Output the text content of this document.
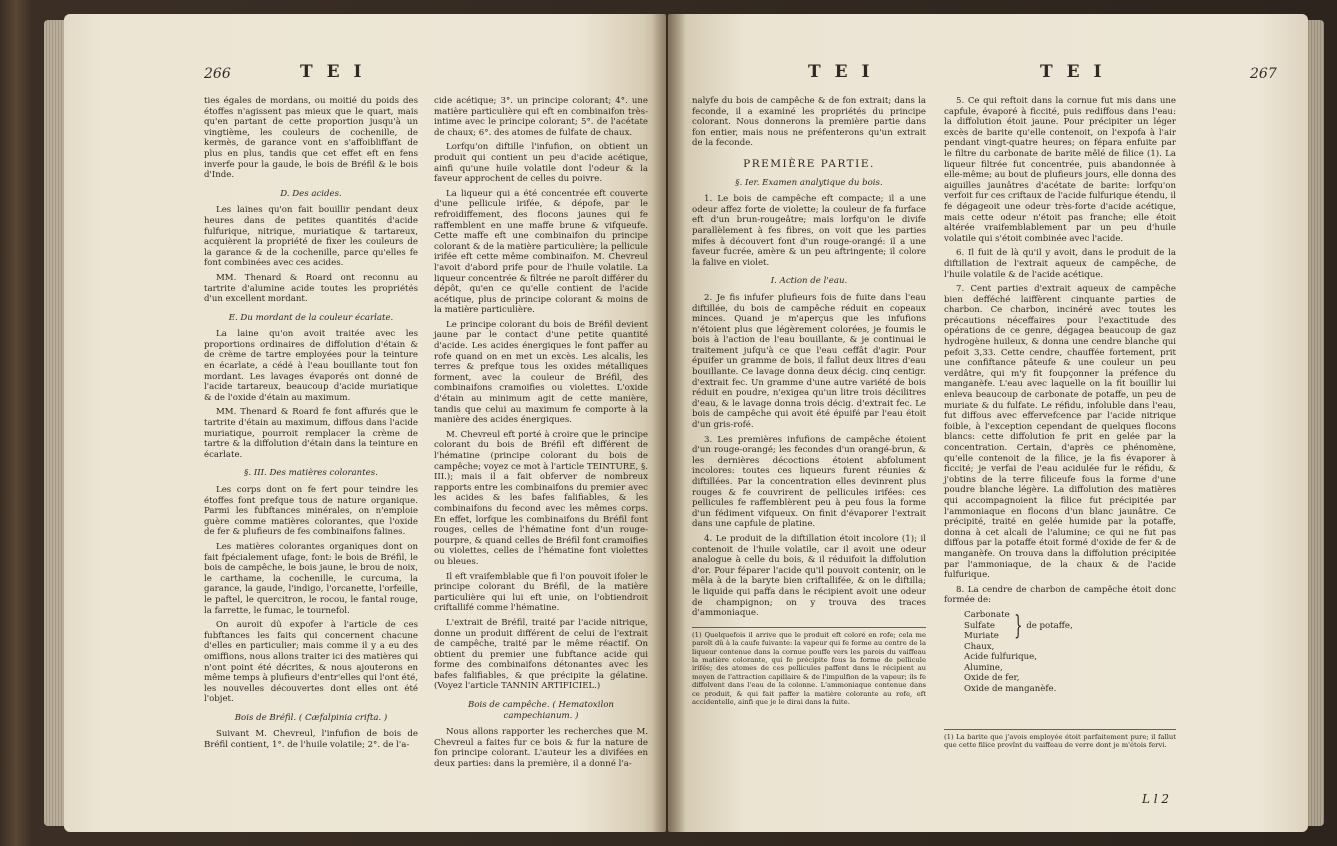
266	T E I

ties égales de mordans, ou moitié du poids des étoffes n'agissent pas mieux que le quart, mais qu'en partant de cette proportion jusqu'à un vingtième, les couleurs de cochenille, de kermès, de garance vont en s'affoibliffant de plus en plus, tandis que cet effet eft en fens inverfe pour la gaude, le bois de Bréfil & le bois d'Inde.

D. Des acides.

Les laines qu'on fait bouillir pendant deux heures dans de petites quantités d'acide fulfurique, nitrique, muriatique & tartareux, acquièrent la propriété de fixer les couleurs de la garance & de la cochenille, parce qu'elles fe font combinées avec ces acides.

MM. Thenard & Roard ont reconnu au tartrite d'alumine acide toutes les propriétés d'un excellent mordant.

E. Du mordant de la couleur écarlate.

La laine qu'on avoit traitée avec les proportions ordinaires de diffolution d'étain & de crème de tartre employées pour la teinture en écarlate, a cédé à l'eau bouillante tout fon mordant. Les lavages évaporés ont donné de l'acide tartareux, beaucoup d'acide muriatique & de l'oxide d'étain au maximum.

MM. Thenard & Roard fe font affurés que le tartrite d'étain au maximum, diffous dans l'acide muriatique, pourroit remplacer la crème de tartre & la diffolution d'étain dans la teinture en écarlate.

§. III. Des matières colorantes.

Les corps dont on fe fert pour teindre les étoffes font prefque tous de nature organique. Parmi les fubftances minérales, on n'emploie guère comme matières colorantes, que l'oxide de fer & plufieurs de fes combinaifons falines.

Les matières colorantes organiques dont on fait fpécialement ufage, font: le bois de Bréfil, le bois de campêche, le bois jaune, le brou de noix, le carthame, la cochenille, le curcuma, la garance, la gaude, l'indigo, l'orcanette, l'orfeille, le paftel, le quercitron, le rocou, le fantal rouge, la farrette, le fumac, le tournefol.

On auroit dû expofer à l'article de ces fubftances les faits qui concernent chacune d'elles en particulier; mais comme il y a eu des omiffions, nous allons traiter ici des matières qui n'ont point été décrites, & nous ajouterons en même temps à plufieurs d'entr'elles qui l'ont été, les nouvelles découvertes dont elles ont été l'objet.

Bois de Bréfil. ( Cæfalpinia crifta. )

Suivant M. Chevreul, l'infufion de bois de Bréfil contient, 1°. de l'huile volatile; 2°. de l'a-

cide acétique; 3°. un principe colorant; 4°. une matière particulière qui eft en combinaifon très-intime avec le principe colorant; 5°. de l'acétate de chaux; 6°. des atomes de fulfate de chaux.

Lorfqu'on diftille l'infufion, on obtient un produit qui contient un peu d'acide acétique, ainfi qu'une huile volatile dont l'odeur & la faveur approchent de celles du poivre.

La liqueur qui a été concentrée eft couverte d'une pellicule irifée, & dépofe, par le refroidiffement, des flocons jaunes qui fe raffemblent en une maffe brune & vifqueufe. Cette maffe eft une combinaifon du principe colorant & de la matière particulière; la pellicule irifée eft cette même combinaifon. M. Chevreul l'avoit d'abord prife pour de l'huile volatile. La liqueur concentrée & filtrée ne paroît différer du dépôt, qu'en ce qu'elle contient de l'acide acétique, plus de principe colorant & moins de la matière particulière.

Le principe colorant du bois de Bréfil devient jaune par le contact d'une petite quantité d'acide. Les acides énergiques le font paffer au rofe quand on en met un excès. Les alcalis, les terres & prefque tous les oxides métalliques forment, avec la couleur de Bréfil, des combinaifons cramoifies ou violettes. L'oxide d'étain au minimum agit de cette manière, tandis que celui au maximum fe comporte à la manière des acides énergiques.

M. Chevreul eft porté à croire que le principe colorant du bois de Bréfil eft différent de l'hématine (principe colorant du bois de campêche; voyez ce mot à l'article TEINTURE, §. III.); mais il a fait obferver de nombreux rapports entre les combinaifons du premier avec les acides & les bafes falifiables, & les combinaifons du fecond avec les mêmes corps. En effet, lorfque les combinaifons du Bréfil font rouges, celles de l'hématine font d'un rouge-pourpre, & quand celles de Bréfil font cramoifies ou violettes, celles de l'hématine font violettes ou bleues.

Il eft vraifemblable que fi l'on pouvoit ifoler le principe colorant du Bréfil, de la matière particulière qui lui eft unie, on l'obtiendroit criftallifé comme l'hématine.

L'extrait de Bréfil, traité par l'acide nitrique, donne un produit différent de celui de l'extrait de campêche, traité par le même réactif. On obtient du premier une fubftance acide qui forme des combinaifons détonantes avec les bafes falifiables, & que précipite la gélatine. (Voyez l'article TANNIN ARTIFICIEL.)

Bois de campêche. ( Hematoxilon campechianum. )

Nous allons rapporter les recherches que M. Chevreul a faites fur ce bois & fur la nature de fon principe colorant. L'auteur les a divifées en deux parties: dans la première, il a donné l'a-

T E I	T E I	267

nalyfe du bois de campêche & de fon extrait; dans la feconde, il a examiné les propriétés du principe colorant. Nous donnerons la première partie dans fon entier, mais nous ne préfenterons qu'un extrait de la feconde.

PREMIÈRE PARTIE.

§. Ier. Examen analytique du bois.

1. Le bois de campêche eft compacte; il a une odeur affez forte de violette; la couleur de fa furface eft d'un brun-rougeâtre; mais lorfqu'on le divife parallèlement à fes fibres, on voit que les parties mifes à découvert font d'un rouge-orangé: il a une faveur fucrée, amère & un peu aftringente; il colore la falive en violet.

I. Action de l'eau.

2. Je fis infufer plufieurs fois de fuite dans l'eau diftillée, du bois de campêche réduit en copeaux minces. Quand je m'aperçus que les infufions n'étoient plus que légèrement colorées, je foumis le bois à l'action de l'eau bouillante, & je continuai le traitement jufqu'à ce que l'eau ceffât d'agir. Pour épuifer un gramme de bois, il fallut deux litres d'eau bouillante. Ce lavage donna deux décig. cinq centigr. d'extrait fec. Un gramme d'une autre variété de bois réduit en poudre, n'exigea qu'un litre trois décilitres d'eau, & le lavage donna trois décig. d'extrait fec. Le bois de campêche qui avoit été épuifé par l'eau étoit d'un gris-rofé.

3. Les premières infufions de campêche étoient d'un rouge-orangé; les fecondes d'un orangé-brun, & les dernières décoctions étoient abfolument incolores: toutes ces liqueurs furent réunies & diftillées. Par la concentration elles devinrent plus rouges & fe couvrirent de pellicules irifées: ces pellicules fe raffemblèrent peu à peu fous la forme d'un fédiment vifqueux. On finit d'évaporer l'extrait dans une capfule de platine.

4. Le produit de la diftillation étoit incolore (1); il contenoit de l'huile volatile, car il avoit une odeur analogue à celle du bois, & il réduifoit la diffolution d'or. Pour féparer l'acide qu'il pouvoit contenir, on le mêla à de la baryte bien criftallifée, & on le diftilla; le liquide qui paffa dans le récipient avoit une odeur de champignon; on y trouva des traces d'ammoniaque.

(1) Quelquefois il arrive que le produit eft coloré en rofe; cela me paroît dû à la caufe fuivante: la vapeur qui fe forme au centre de la liqueur contenue dans la cornue pouffe vers les parois du vaiffeau la matière colorante, qui fe précipite fous la forme de pellicule irifée; des atomes de ces pellicules paffent dans le récipient au moyen de l'attraction capillaire & de l'impulfion de la vapeur; ils fe diffolvent dans l'eau de la colonne. L'ammoniaque contenue dans ce produit, & qui fait paffer la matière colorante au rofe, eft accidentelle, ainfi que je le dirai dans la fuite.

5. Ce qui reftoit dans la cornue fut mis dans une capfule, évaporé à ficcité, puis rediffous dans l'eau: la diffolution étoit jaune. Pour précipiter un léger excès de barite qu'elle contenoit, on l'expofa à l'air pendant vingt-quatre heures; on fépara enfuite par le filtre du carbonate de barite mêlé de filice (1). La liqueur filtrée fut concentrée, puis abandonnée à elle-même; au bout de plufieurs jours, elle donna des aiguilles jaunâtres d'acétate de barite: lorfqu'on verfoit fur ces criftaux de l'acide fulfurique étendu, il fe dégageoit une odeur très-forte d'acide acétique, mais cette odeur n'étoit pas franche; elle étoit altérée vraifemblablement par un peu d'huile volatile qui s'étoit combinée avec l'acide.

6. Il fuit de là qu'il y avoit, dans le produit de la diftillation de l'extrait aqueux de campêche, de l'huile volatile & de l'acide acétique.

7. Cent parties d'extrait aqueux de campêche bien defféché laiffèrent cinquante parties de charbon. Ce charbon, incinéré avec toutes les précautions néceffaires pour l'exactitude des opérations de ce genre, dégagea beaucoup de gaz hydrogène huileux, & donna une cendre blanche qui pefoit 3,33. Cette cendre, chauffée fortement, prit une confiftance pâteufe & une couleur un peu verdâtre, qui m'y fit foupçonner la préfence du manganèfe. L'eau avec laquelle on la fit bouillir lui enleva beaucoup de carbonate de potaffe, un peu de muriate & du fulfate. Le réfidu, infoluble dans l'eau, fut diffous avec effervefcence par l'acide nitrique foible, à l'exception cependant de quelques flocons blancs: cette diffolution fe prit en gelée par la concentration. Certain, d'après ce phénomène, qu'elle contenoit de la filice, je la fis évaporer à ficcité; je verfai de l'eau acidulée fur le réfidu, & j'obtins de la terre filiceufe fous la forme d'une poudre blanche légère. La diffolution des matières qui accompagnoient la filice fut précipitée par l'ammoniaque en flocons d'un blanc jaunâtre. Ce précipité, traité en gelée humide par la potaffe, donna à cet alcali de l'alumine; ce qui ne fut pas diffous par la potaffe étoit formé d'oxide de fer & de manganèfe. On trouva dans la diffolution précipitée par l'ammoniaque, de la chaux & de l'acide fulfurique.

8. La cendre de charbon de campêche étoit donc formée de:

Carbonate
Sulfate
Muriate } de potaffe,
Chaux,
Acide fulfurique,
Alumine,
Oxide de fer,
Oxide de manganèfe.
(1) La barite que j'avois employée étoit parfaitement pure; il fallut que cette filice provînt du vaiffeau de verre dont je m'étois fervi.
L l 2
